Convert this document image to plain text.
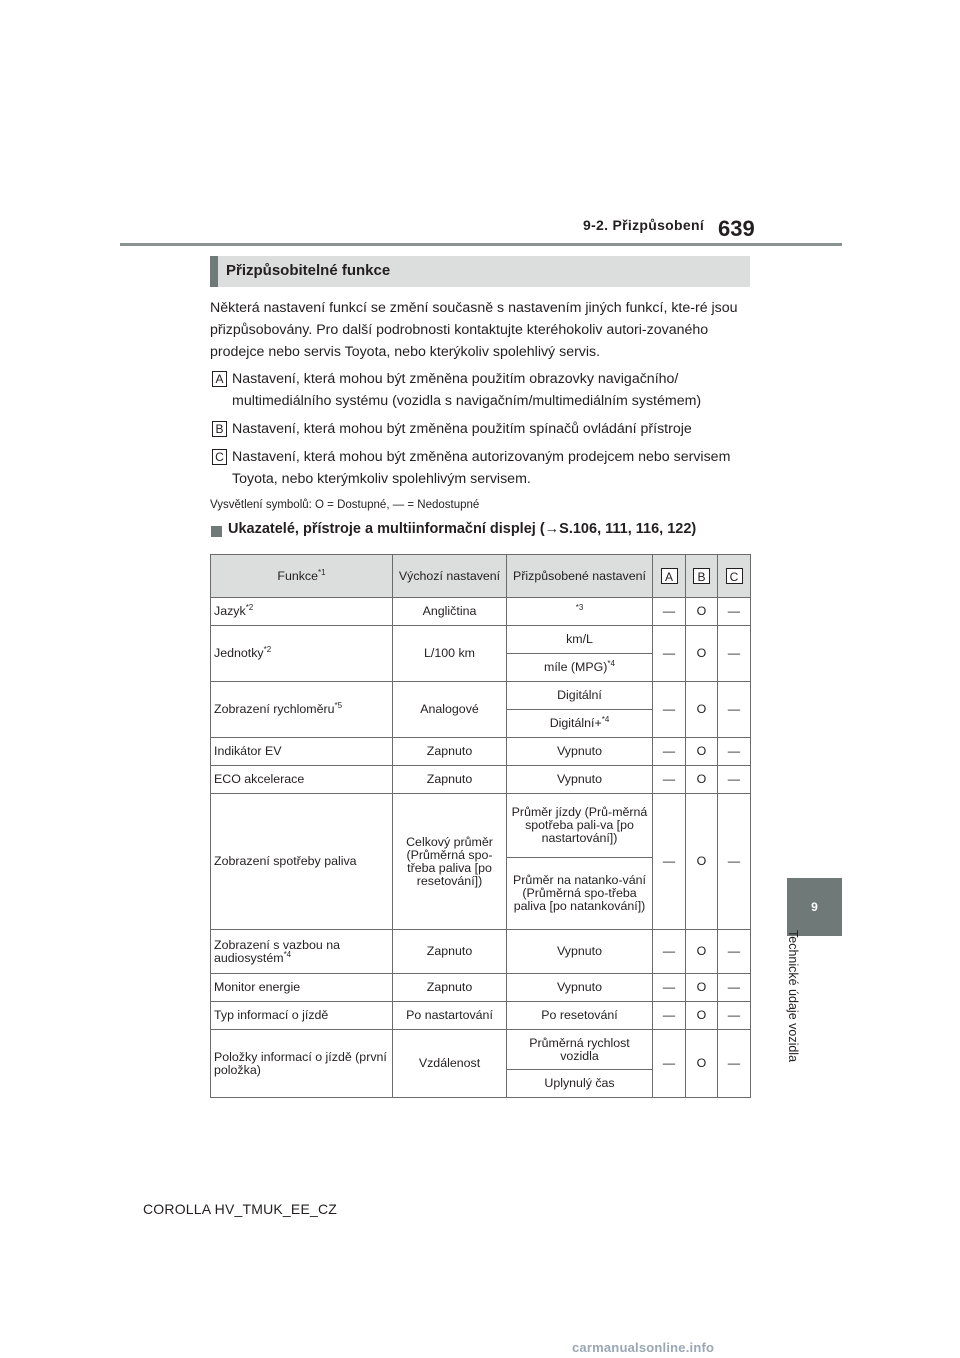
9-2. Přizpůsobení 639
9
Technické údaje vozidla
Přizpůsobitelné funkce
Některá nastavení funkcí se změní současně s nastavením jiných funkcí, kte-ré jsou přizpůsobovány. Pro další podrobnosti kontaktujte kteréhokoliv autori-zovaného prodejce nebo servis Toyota, nebo kterýkoliv spolehlivý servis.
A Nastavení, která mohou být změněna použitím obrazovky navigačního/ multimediálního systému (vozidla s navigačním/multimediálním systémem)
B Nastavení, která mohou být změněna použitím spínačů ovládání přístroje
C Nastavení, která mohou být změněna autorizovaným prodejcem nebo servisem Toyota, nebo kterýmkoliv spolehlivým servisem.
Vysvětlení symbolů: O = Dostupné, — = Nedostupné
Ukazatelé, přístroje a multiinformační displej (→S.106, 111, 116, 122)
Funkce$^{*1}$	Výchozí nastavení	Přizpůsobené nastavení	A	B	C
Jazyk$^{*2}$	Angličtina	$^{*3}$	—	O	—
Jednotky$^{*2}$	L/100 km	km/L	—	O	—
		míle (MPG)$^{*4}$
Zobrazení rychloměru$^{*5}$	Analogové	Digitální	—	O	—
		Digitální+$^{*4}$
Indikátor EV	Zapnuto	Vypnuto	—	O	—
ECO akcelerace	Zapnuto	Vypnuto	—	O	—
Zobrazení spotřeby paliva	Celkový průměr (Průměrná spo-třeba paliva [po resetování])	Průměr jízdy (Prů-měrná spotřeba pali-va [po nastartování])	—	O	—
		Průměr na natanko-vání (Průměrná spo-třeba paliva [po natankování])			
Zobrazení s vazbou na audiosystém$^{*4}$	Zapnuto	Vypnuto	—	O	—
Monitor energie	Zapnuto	Vypnuto	—	O	—
Typ informací o jízdě	Po nastartování	Po resetování	—	O	—
Položky informací o jízdě (první položka)	Vzdálenost	Průměrná rychlost vozidla	—	O	—
		Uplynulý čas			
COROLLA HV_TMUK_EE_CZ
carmanualsonline.info
